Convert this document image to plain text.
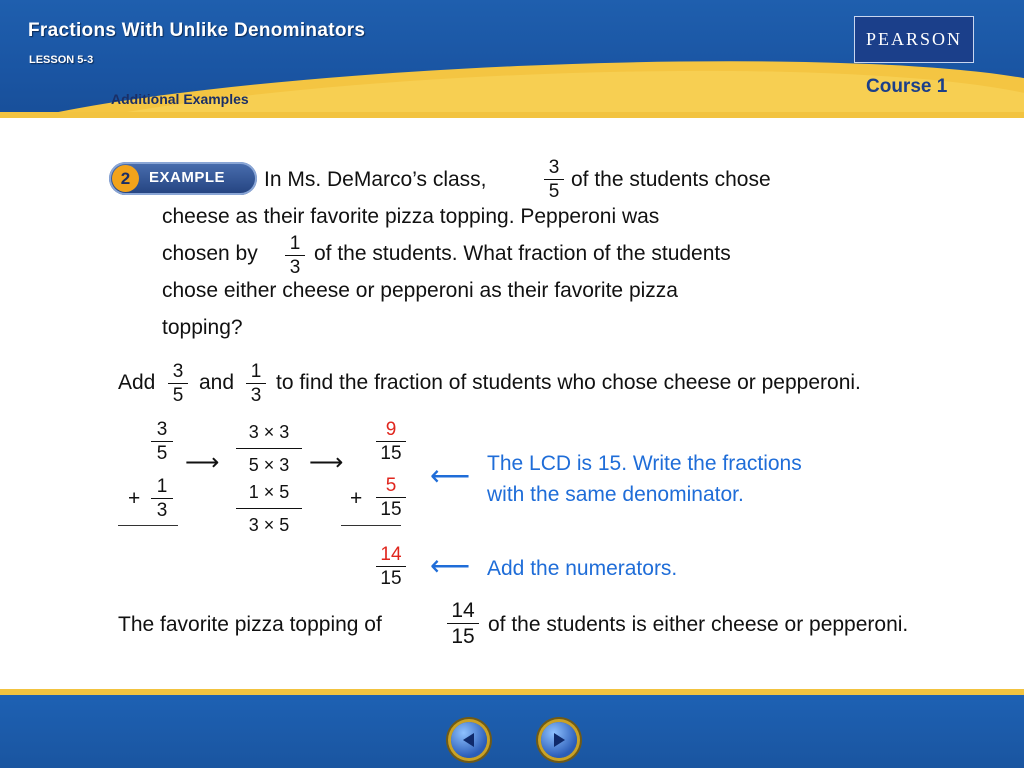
Fractions With Unlike Denominators
LESSON 5-3
Additional Examples
PEARSON
Course 1
2	EXAMPLE In Ms. DeMarco’s class,
3
5
of the students chose
cheese as their favorite pizza topping. Pepperoni was
chosen by 1
3
of the students. What fraction of the students
chose either cheese or pepperoni as their favorite pizza
topping?
Add 3
5
and 1
3
to find the fraction of students who chose cheese or pepperoni.
3
5
+
1
3
⟶	⟶
3 × 3
5 × 3
1 × 5
3 × 5
9
15
+
5
15
14
15
⟵ The LCD is 15. Write the fractions
with the same denominator.
⟵ Add the numerators.
The favorite pizza topping of
14
15
of the students is either cheese or pepperoni.
